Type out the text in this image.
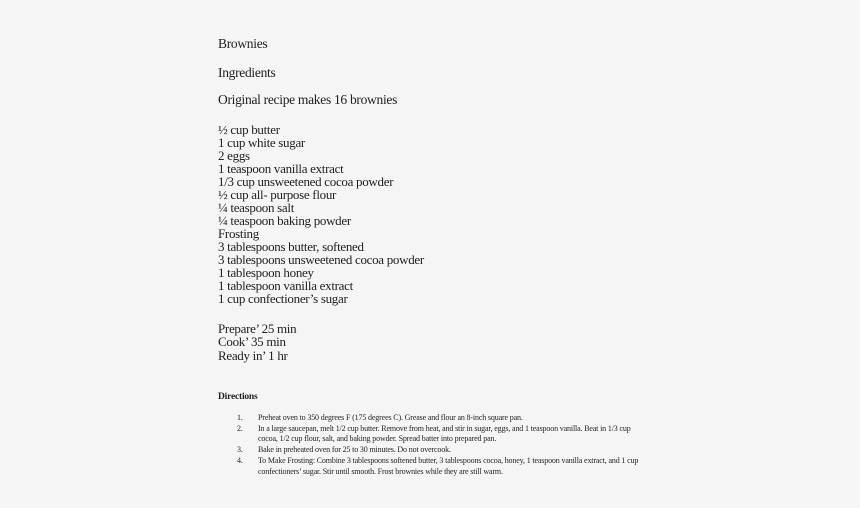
Brownies

Ingredients

Original recipe makes 16 brownies

½ cup butter
1 cup white sugar
2 eggs
1 teaspoon vanilla extract
1/3 cup unsweetened cocoa powder
½ cup all- purpose flour
¼ teaspoon salt
¼ teaspoon baking powder

Frosting

3 tablespoons butter, softened
3 tablespoons unsweetened cocoa powder
1 tablespoon honey
1 tablespoon vanilla extract
1 cup confectioner’s sugar
Prepare’ 25 min
Cook’ 35 min
Ready in’ 1 hr
Directions
Preheat oven to 350 degrees F (175 degrees C). Grease and flour an 8-inch square pan.
In a large saucepan, melt 1/2 cup butter. Remove from heat, and stir in sugar, eggs, and 1 teaspoon vanilla. Beat in 1/3 cup cocoa, 1/2 cup flour, salt, and baking powder. Spread batter into prepared pan.
Bake in preheated oven for 25 to 30 minutes. Do not overcook.
To Make Frosting: Combine 3 tablespoons softened butter, 3 tablespoons cocoa, honey, 1 teaspoon vanilla extract, and 1 cup confectioners’ sugar. Stir until smooth. Frost brownies while they are still warm.
